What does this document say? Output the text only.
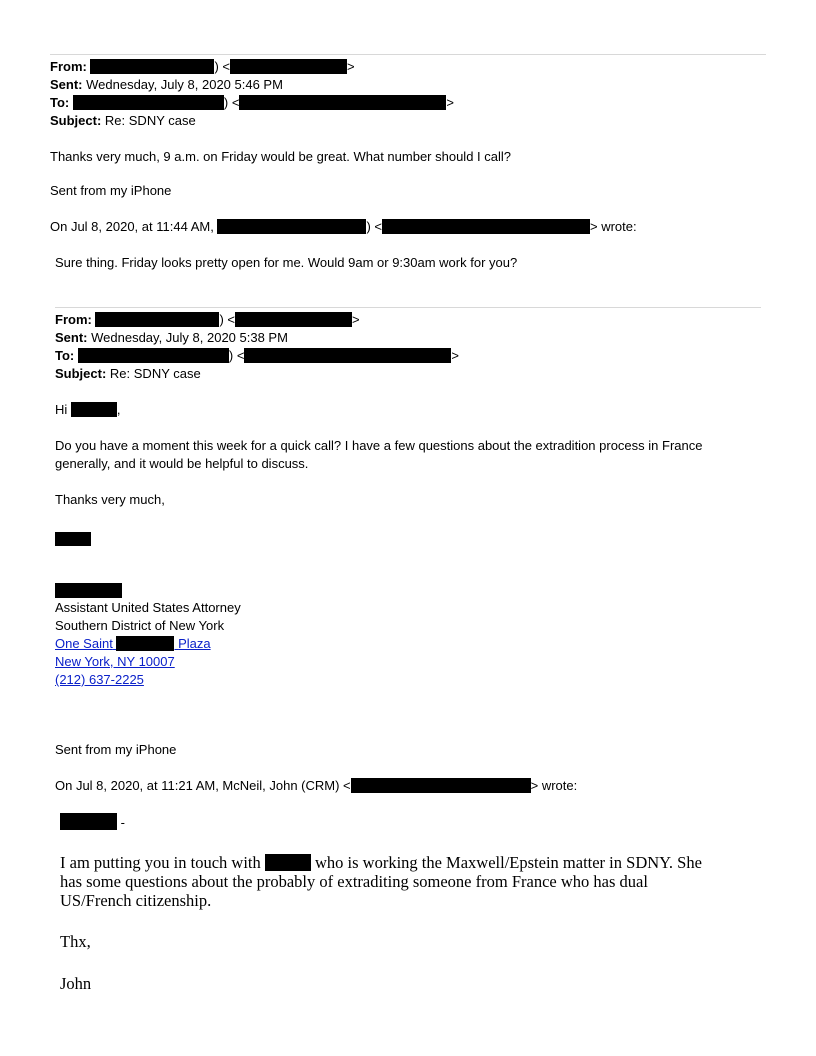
From:	) <	>
Sent: Wednesday, July 8, 2020 5:46 PM
To:	) <	>
Subject: Re: SDNY case
Thanks very much, 9 a.m. on Friday would be great. What number should I call?
Sent from my iPhone
On Jul 8, 2020, at 11:44 AM,	) <	> wrote:
Sure thing. Friday looks pretty open for me. Would 9am or 9:30am work for you?
From:	) <	>
Sent: Wednesday, July 8, 2020 5:38 PM
To:	) <	>
Subject: Re: SDNY case
Hi	,
Do you have a moment this week for a quick call? I have a few questions about the extradition process in France
generally, and it would be helpful to discuss.
Thanks very much,
Assistant United States Attorney
Southern District of New York
One Saint	Plaza
New York, NY 10007
(212) 637-2225
Sent from my iPhone
On Jul 8, 2020, at 11:21 AM, McNeil, John (CRM) <	> wrote:
-
I am putting you in touch with	who is working the Maxwell/Epstein matter in SDNY. She
has some questions about the probably of extraditing someone from France who has dual
US/French citizenship.
Thx,
John
